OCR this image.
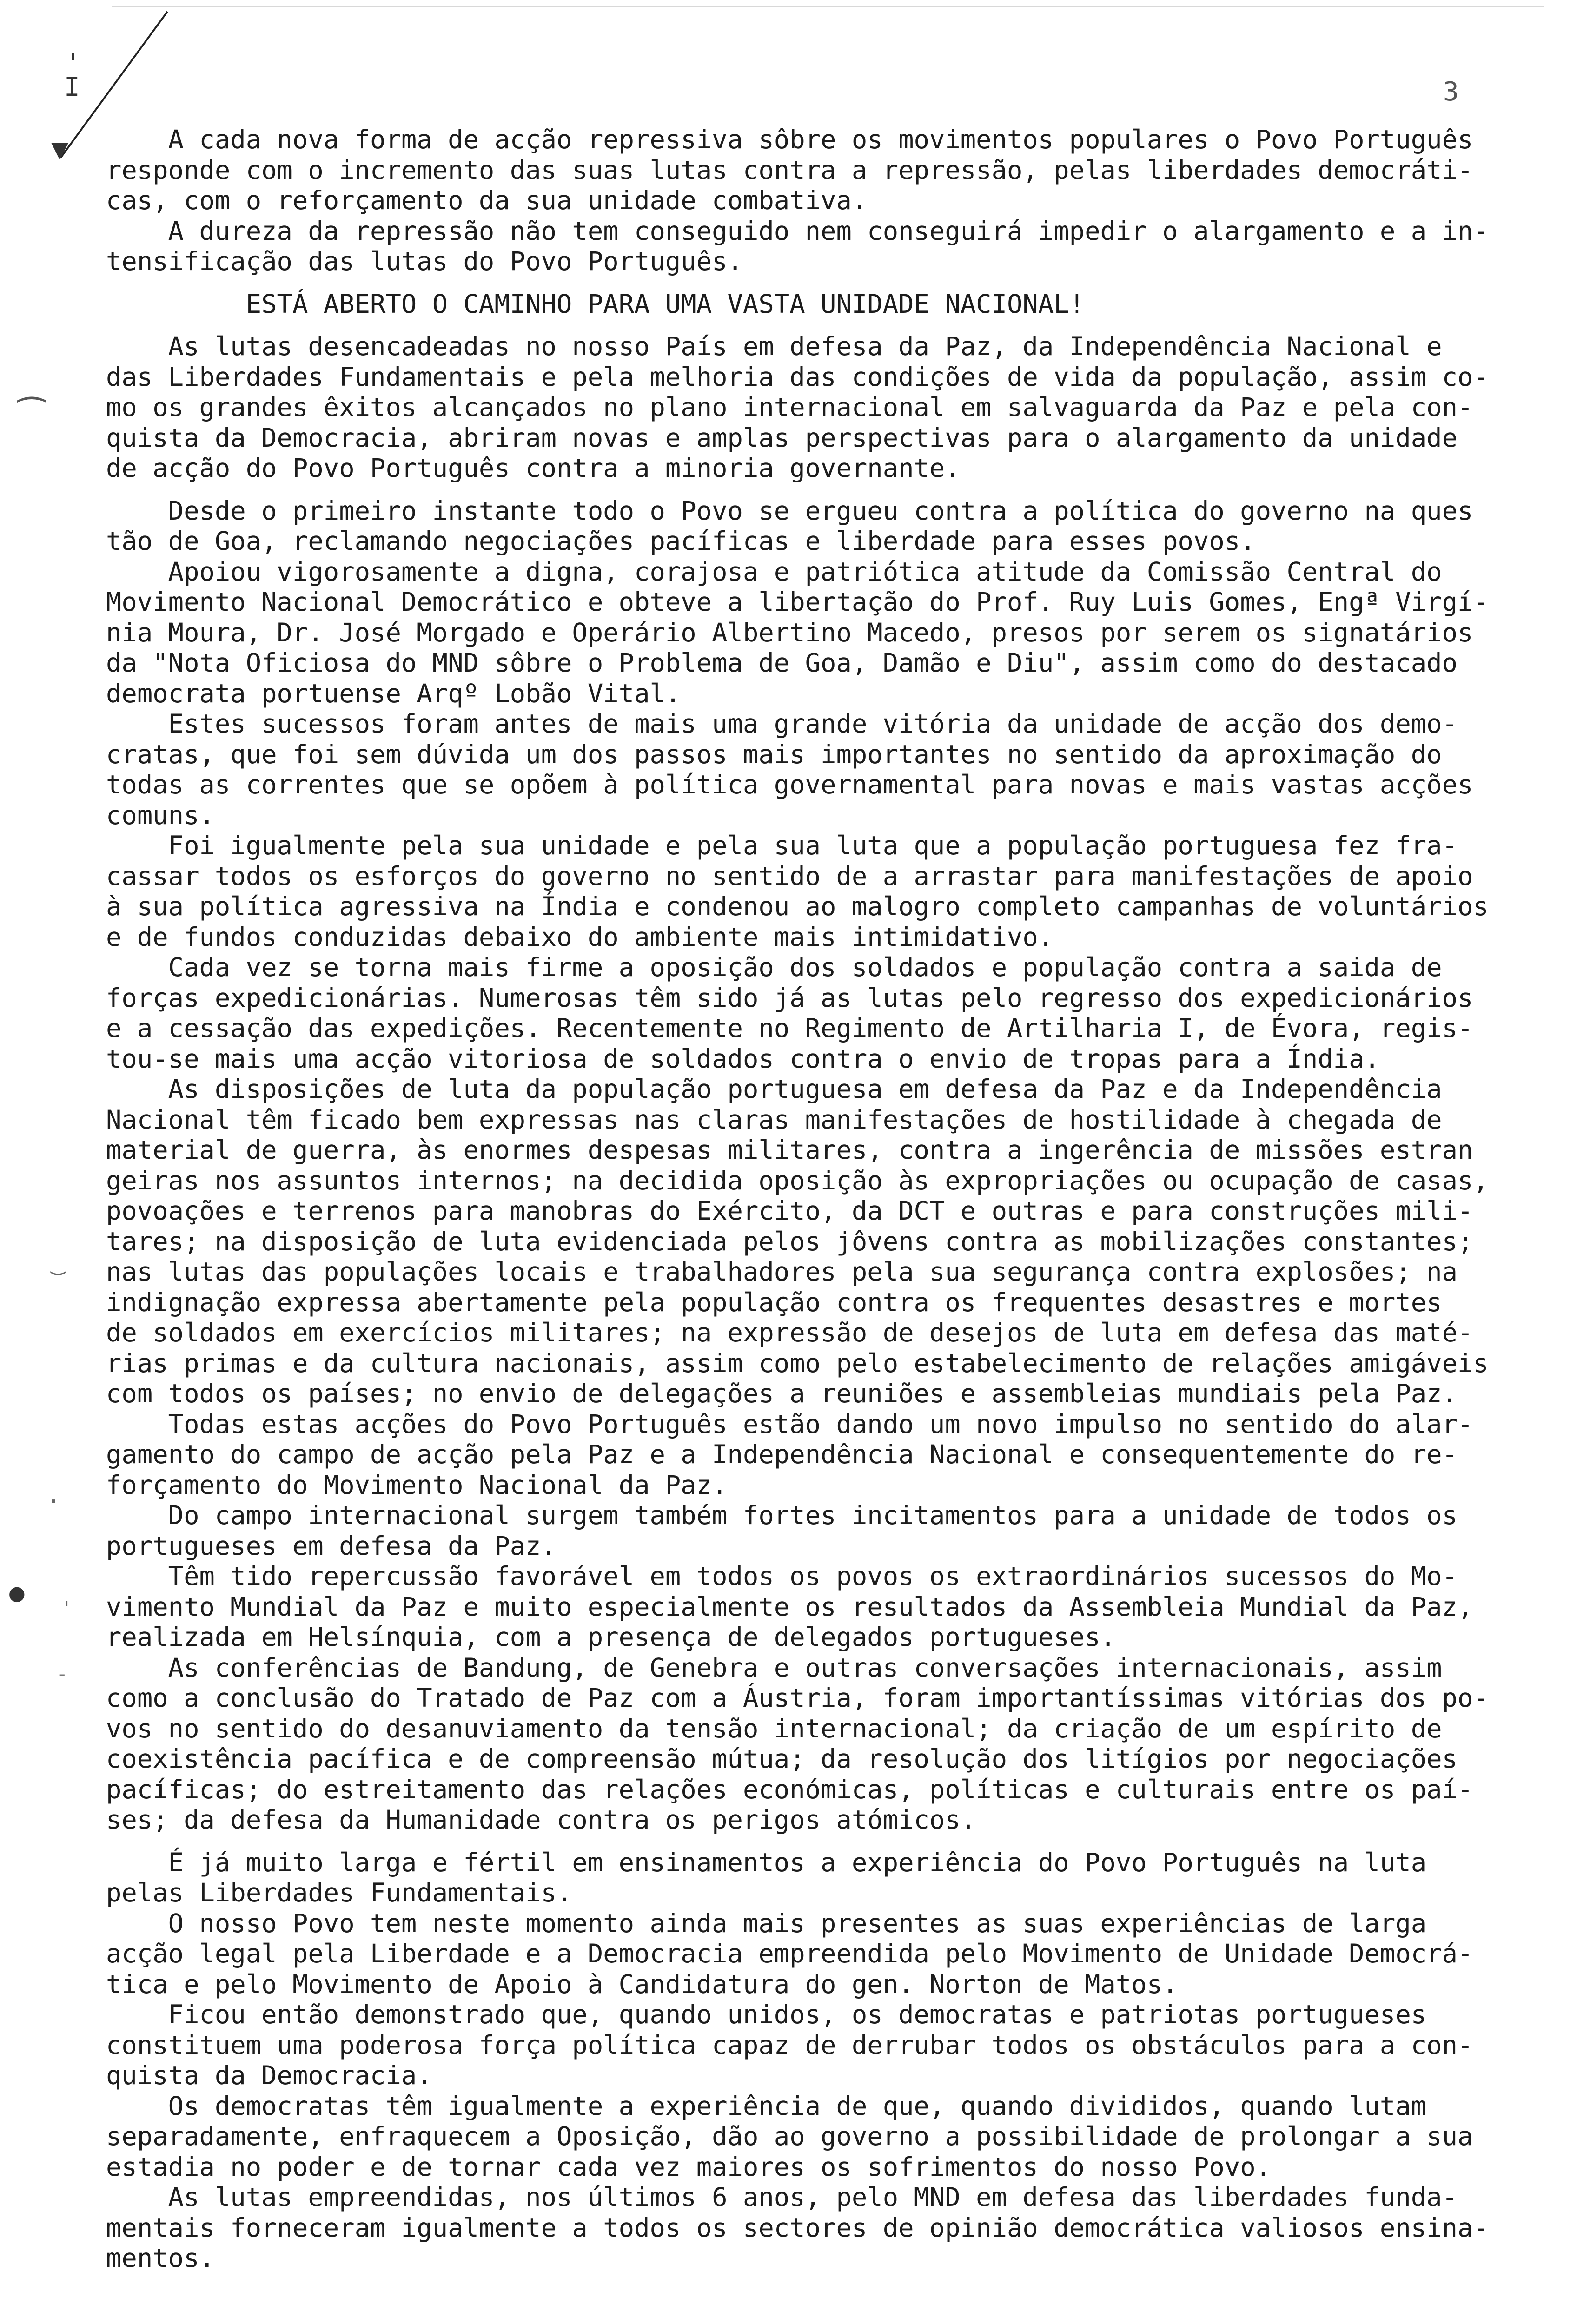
'
I
▼
⁀
‿
·
●
'
-
3
A cada nova forma de acção repressiva sôbre os movimentos populares o Povo Português
responde com o incremento das suas lutas contra a repressão, pelas liberdades democráti-
cas, com o reforçamento da sua unidade combativa.
A dureza da repressão não tem conseguido nem conseguirá impedir o alargamento e a in-
tensificação das lutas do Povo Português.
ESTÁ ABERTO O CAMINHO PARA UMA VASTA UNIDADE NACIONAL!
As lutas desencadeadas no nosso País em defesa da Paz, da Independência Nacional e
das Liberdades Fundamentais e pela melhoria das condições de vida da população, assim co-
mo os grandes êxitos alcançados no plano internacional em salvaguarda da Paz e pela con-
quista da Democracia, abriram novas e amplas perspectivas para o alargamento da unidade
de acção do Povo Português contra a minoria governante.
Desde o primeiro instante todo o Povo se ergueu contra a política do governo na ques
tão de Goa, reclamando negociações pacíficas e liberdade para esses povos.
Apoiou vigorosamente a digna, corajosa e patriótica atitude da Comissão Central do
Movimento Nacional Democrático e obteve a libertação do Prof. Ruy Luis Gomes, Engª Virgí-
nia Moura, Dr. José Morgado e Operário Albertino Macedo, presos por serem os signatários
da "Nota Oficiosa do MND sôbre o Problema de Goa, Damão e Diu", assim como do destacado
democrata portuense Arqº Lobão Vital.
Estes sucessos foram antes de mais uma grande vitória da unidade de acção dos demo-
cratas, que foi sem dúvida um dos passos mais importantes no sentido da aproximação do
todas as correntes que se opõem à política governamental para novas e mais vastas acções
comuns.
Foi igualmente pela sua unidade e pela sua luta que a população portuguesa fez fra-
cassar todos os esforços do governo no sentido de a arrastar para manifestações de apoio
à sua política agressiva na Índia e condenou ao malogro completo campanhas de voluntários
e de fundos conduzidas debaixo do ambiente mais intimidativo.
Cada vez se torna mais firme a oposição dos soldados e população contra a saida de
forças expedicionárias. Numerosas têm sido já as lutas pelo regresso dos expedicionários
e a cessação das expedições. Recentemente no Regimento de Artilharia I, de Évora, regis-
tou-se mais uma acção vitoriosa de soldados contra o envio de tropas para a Índia.
As disposições de luta da população portuguesa em defesa da Paz e da Independência
Nacional têm ficado bem expressas nas claras manifestações de hostilidade à chegada de
material de guerra, às enormes despesas militares, contra a ingerência de missões estran
geiras nos assuntos internos; na decidida oposição às expropriações ou ocupação de casas,
povoações e terrenos para manobras do Exército, da DCT e outras e para construções mili-
tares; na disposição de luta evidenciada pelos jôvens contra as mobilizações constantes;
nas lutas das populações locais e trabalhadores pela sua segurança contra explosões; na
indignação expressa abertamente pela população contra os frequentes desastres e mortes
de soldados em exercícios militares; na expressão de desejos de luta em defesa das maté-
rias primas e da cultura nacionais, assim como pelo estabelecimento de relações amigáveis
com todos os países; no envio de delegações a reuniões e assembleias mundiais pela Paz.
Todas estas acções do Povo Português estão dando um novo impulso no sentido do alar-
gamento do campo de acção pela Paz e a Independência Nacional e consequentemente do re-
forçamento do Movimento Nacional da Paz.
Do campo internacional surgem também fortes incitamentos para a unidade de todos os
portugueses em defesa da Paz.
Têm tido repercussão favorável em todos os povos os extraordinários sucessos do Mo-
vimento Mundial da Paz e muito especialmente os resultados da Assembleia Mundial da Paz,
realizada em Helsínquia, com a presença de delegados portugueses.
As conferências de Bandung, de Genebra e outras conversações internacionais, assim
como a conclusão do Tratado de Paz com a Áustria, foram importantíssimas vitórias dos po-
vos no sentido do desanuviamento da tensão internacional; da criação de um espírito de
coexistência pacífica e de compreensão mútua; da resolução dos litígios por negociações
pacíficas; do estreitamento das relações económicas, políticas e culturais entre os paí-
ses; da defesa da Humanidade contra os perigos atómicos.
É já muito larga e fértil em ensinamentos a experiência do Povo Português na luta
pelas Liberdades Fundamentais.
O nosso Povo tem neste momento ainda mais presentes as suas experiências de larga
acção legal pela Liberdade e a Democracia empreendida pelo Movimento de Unidade Democrá-
tica e pelo Movimento de Apoio à Candidatura do gen. Norton de Matos.
Ficou então demonstrado que, quando unidos, os democratas e patriotas portugueses
constituem uma poderosa força política capaz de derrubar todos os obstáculos para a con-
quista da Democracia.
Os democratas têm igualmente a experiência de que, quando divididos, quando lutam
separadamente, enfraquecem a Oposição, dão ao governo a possibilidade de prolongar a sua
estadia no poder e de tornar cada vez maiores os sofrimentos do nosso Povo.
As lutas empreendidas, nos últimos 6 anos, pelo MND em defesa das liberdades funda-
mentais forneceram igualmente a todos os sectores de opinião democrática valiosos ensina-
mentos.
